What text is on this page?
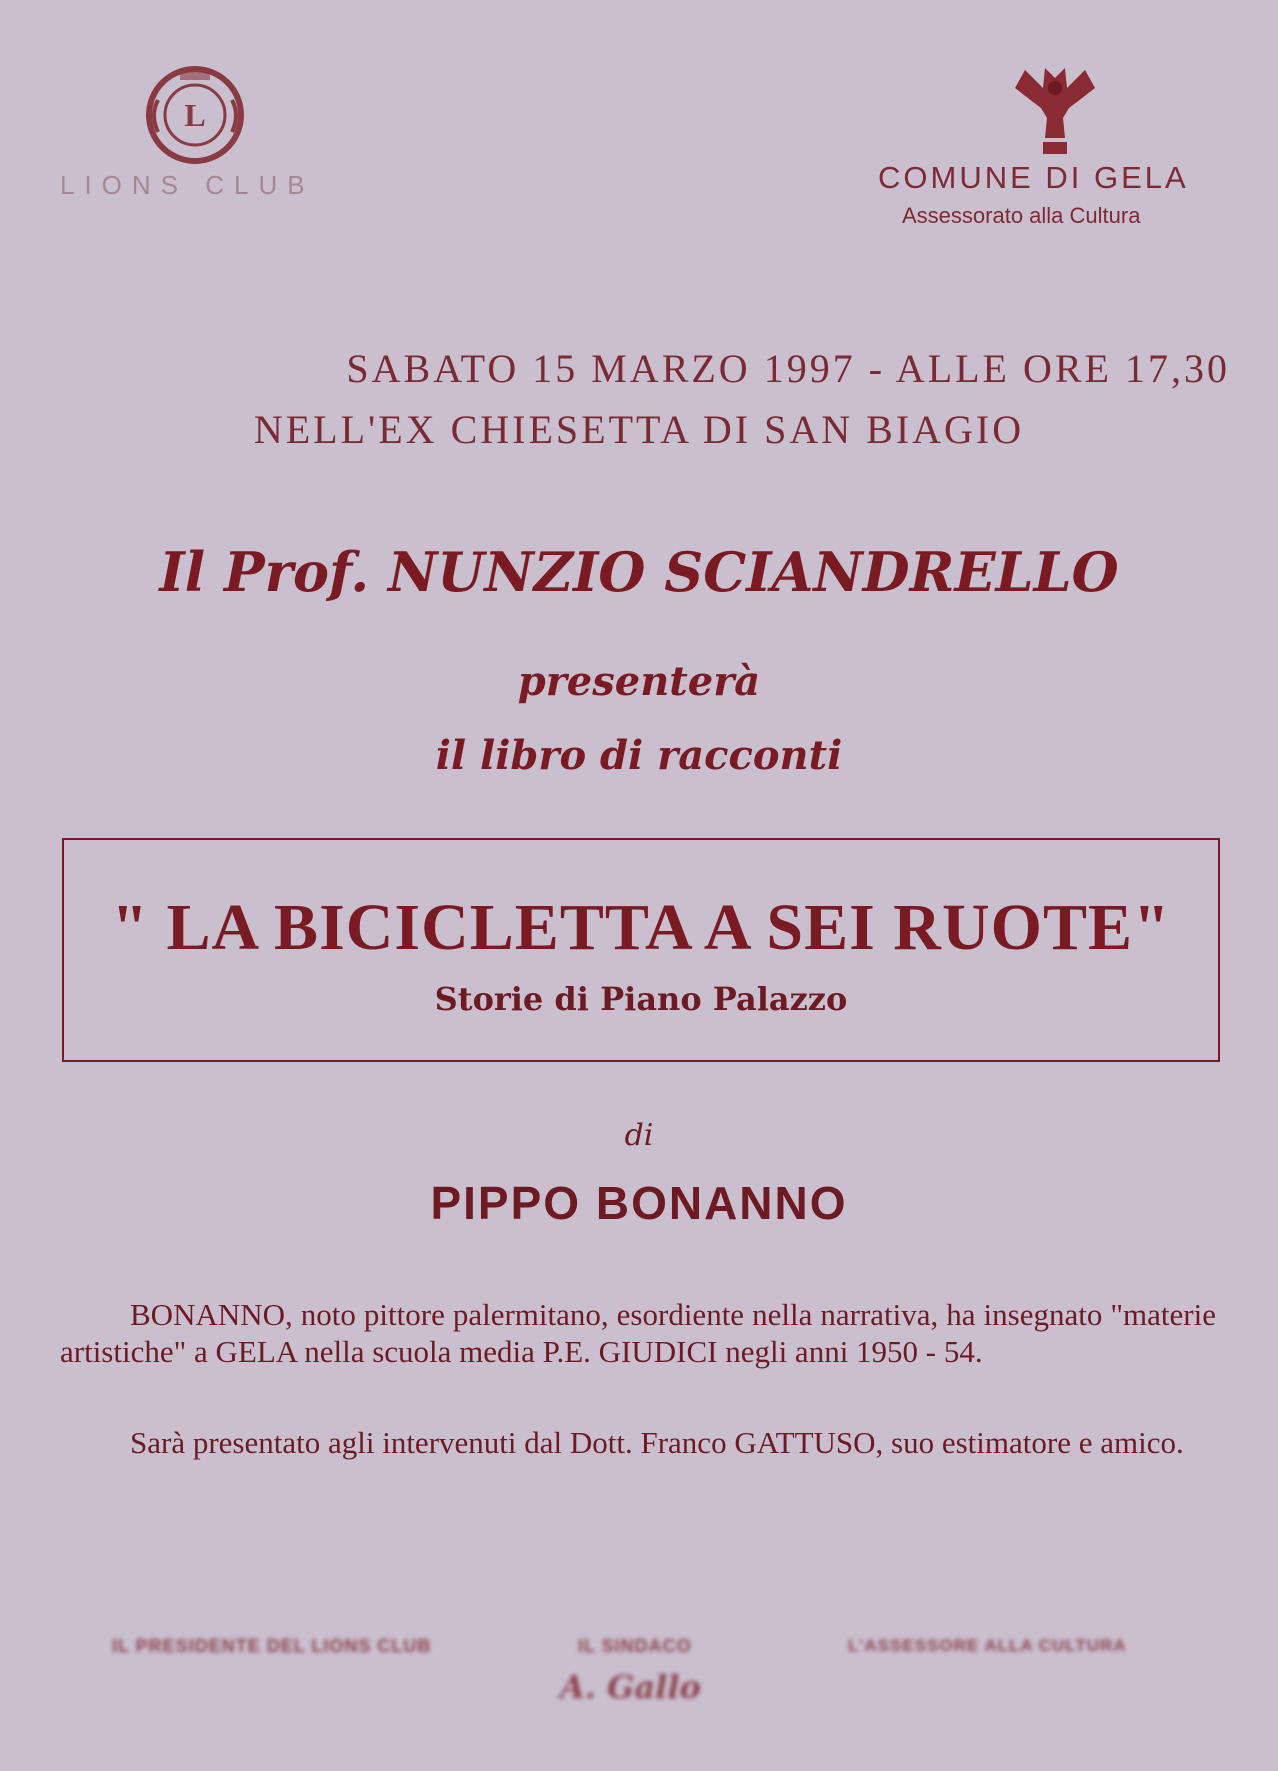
L
LIONS CLUB	COMUNE DI GELA
Assessorato alla Cultura
SABATO 15 MARZO 1997 - ALLE ORE 17,30
NELL'EX CHIESETTA DI SAN BIAGIO
Il Prof. NUNZIO SCIANDRELLO
presenterà
il libro di racconti
" LA BICICLETTA A SEI RUOTE"
Storie di Piano Palazzo
di
PIPPO BONANNO

BONANNO, noto pittore palermitano, esordiente nella narrativa, ha insegnato "materie artistiche" a GELA nella scuola media P.E. GIUDICI negli anni 1950 - 54.

Sarà presentato agli intervenuti dal Dott. Franco GATTUSO, suo estimatore e amico.

IL PRESIDENTE DEL LIONS CLUB	IL SINDACO
A. Gallo
L'ASSESSORE ALLA CULTURA
